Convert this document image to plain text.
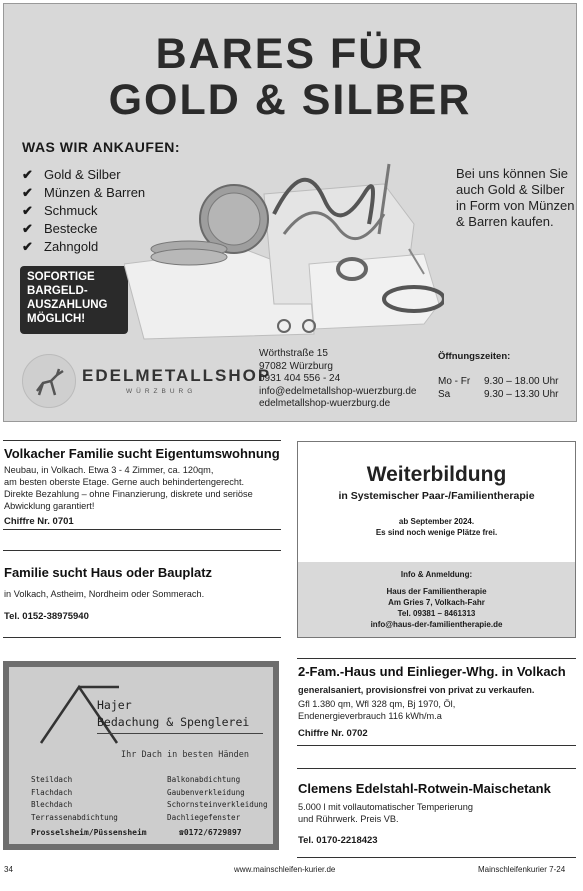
BARES FÜR
GOLD & SILBER
WAS WIR ANKAUFEN:
✔ Gold & Silber
✔ Münzen & Barren
✔ Schmuck
✔ Bestecke
✔ Zahngold
SOFORTIGE
BARGELD-
AUSZAHLUNG
MÖGLICH!
Bei uns können Sie auch Gold & Silber in Form von Münzen & Barren kaufen.
EDELMETALLSHOP
WÜRZBURG
Wörthstraße 15
97082 Würzburg
0931 404 556 - 24
info@edelmetallshop-wuerzburg.de
edelmetallshop-wuerzburg.de
Öffnungszeiten:
Mo - Fr 9.30 – 18.00 Uhr
Sa	9.30 – 13.30 Uhr
Volkacher Familie sucht Eigentumswohnung
Neubau, in Volkach. Etwa 3 - 4 Zimmer, ca. 120qm,
am besten oberste Etage. Gerne auch behindertengerecht.
Direkte Bezahlung – ohne Finanzierung, diskrete und seriöse
Abwicklung garantiert!
Chiffre Nr. 0701
Familie sucht Haus oder Bauplatz
in Volkach, Astheim, Nordheim oder Sommerach.
Tel. 0152-38975940
Weiterbildung
in Systemischer Paar-/Familientherapie
ab September 2024.
Es sind noch wenige Plätze frei.
Info & Anmeldung:
Haus der Familientherapie
Am Gries 7, Volkach-Fahr
Tel. 09381 – 8461313
info@haus-der-familientherapie.de
Hajer
Bedachung & Spenglerei
Ihr Dach in besten Händen
Steildach
Flachdach
Blechdach
Terrassenabdichtung
Balkonabdichtung
Gaubenverkleidung
Schornsteinverkleidung
Dachliegefenster
Prosselsheim/Püssensheim	☎0172/6729897
2-Fam.-Haus und Einlieger-Whg. in Volkach
generalsaniert, provisionsfrei von privat zu verkaufen.
Gfl 1.380 qm, Wfl 328 qm, Bj 1970, Öl,
Endenergieverbrauch 116 kWh/m.a
Chiffre Nr. 0702
Clemens Edelstahl-Rotwein-Maischetank
5.000 l mit vollautomatischer Temperierung
und Rührwerk. Preis VB.
Tel. 0170-2218423
34	www.mainschleifen-kurier.de	Mainschleifenkurier 7-24
